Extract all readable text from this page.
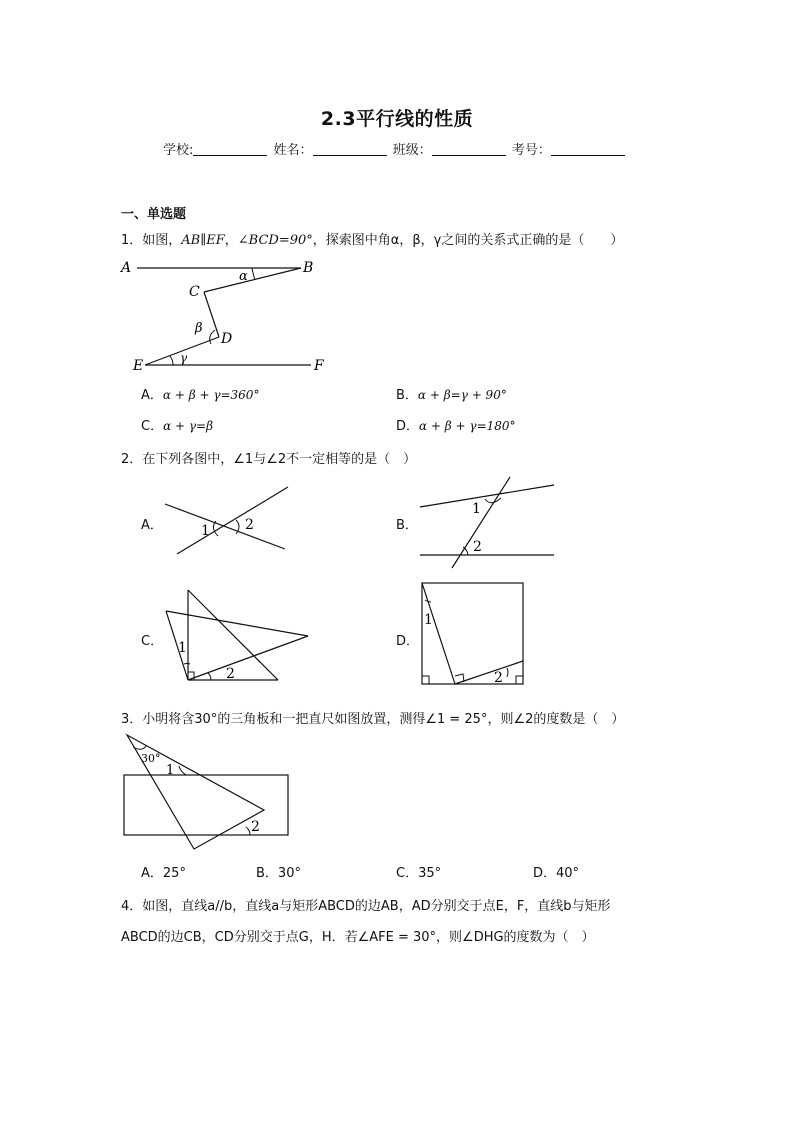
2.3平行线的性质
学校:	姓名：	班级：	考号：
一、单选题
1．如图，AB∥EF，∠BCD=90°，探索图中角α，β，γ之间的关系式正确的是（　　）
A	B
C
D
E	F
α
β
γ
A．α + β + γ=360°	B．α + β=γ + 90°
C．α + γ=β	D．α + β + γ=180°
2．在下列各图中，∠1与∠2不一定相等的是（　）
A．	1	2	B．
1
2
C． 1
2
D．
1
2
3．小明将含30°的三角板和一把直尺如图放置，测得∠1 = 25°，则∠2的度数是（　）
30°
1
2
A．25°	B．30°	C．35°	D．40°
4．如图，直线a//b，直线a与矩形ABCD的边AB，AD分别交于点E，F，直线b与矩形
ABCD的边CB，CD分别交于点G，H．若∠AFE = 30°，则∠DHG的度数为（　）
